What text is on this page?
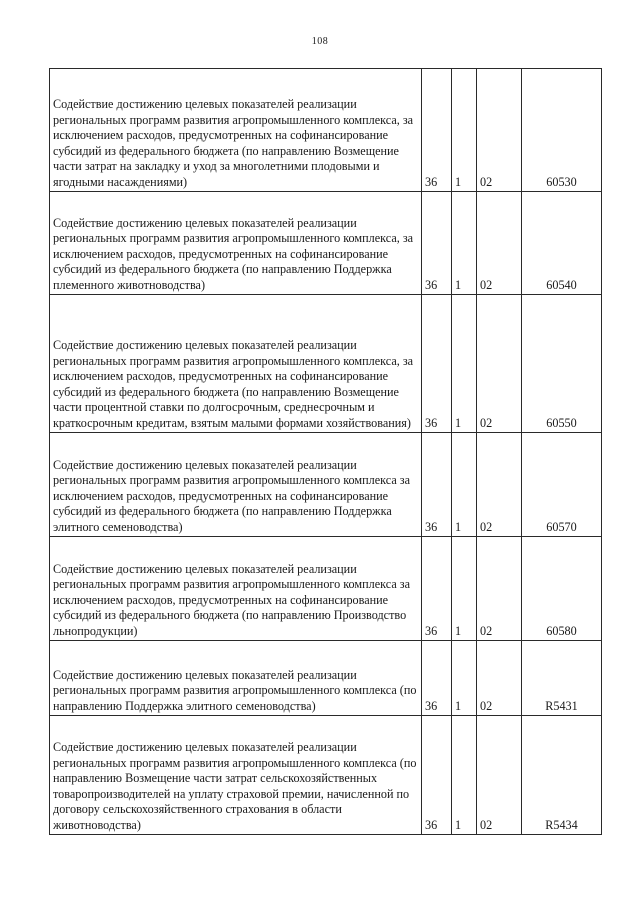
108
Содействие достижению целевых показателей реализации региональных программ развития агропромышленного комплекса, за исключением расходов, предусмотренных на софинансирование субсидий из федерального бюджета (по направлению Возмещение части затрат на закладку и уход за многолетними плодовыми и ягодными насаждениями)	36	1	02	60530
Содействие достижению целевых показателей реализации региональных программ развития агропромышленного комплекса, за исключением расходов, предусмотренных на софинансирование субсидий из федерального бюджета (по направлению Поддержка племенного животноводства)	36	1	02	60540
Содействие достижению целевых показателей реализации региональных программ развития агропромышленного комплекса, за исключением расходов, предусмотренных на софинансирование субсидий из федерального бюджета (по направлению Возмещение части процентной ставки по долгосрочным, среднесрочным и краткосрочным кредитам, взятым малыми формами хозяйствования)	36	1	02	60550
Содействие достижению целевых показателей реализации региональных программ развития агропромышленного комплекса за исключением расходов, предусмотренных на софинансирование субсидий из федерального бюджета (по направлению Поддержка элитного семеноводства)	36	1	02	60570
Содействие достижению целевых показателей реализации региональных программ развития агропромышленного комплекса за исключением расходов, предусмотренных на софинансирование субсидий из федерального бюджета (по направлению Производство льнопродукции)	36	1	02	60580
Содействие достижению целевых показателей реализации региональных программ развития агропромышленного комплекса (по направлению Поддержка элитного семеноводства)	36	1	02	R5431
Содействие достижению целевых показателей реализации региональных программ развития агропромышленного комплекса (по направлению Возмещение части затрат сельскохозяйственных товаропроизводителей на уплату страховой премии, начисленной по договору сельскохозяйственного страхования в области животноводства)	36	1	02	R5434
